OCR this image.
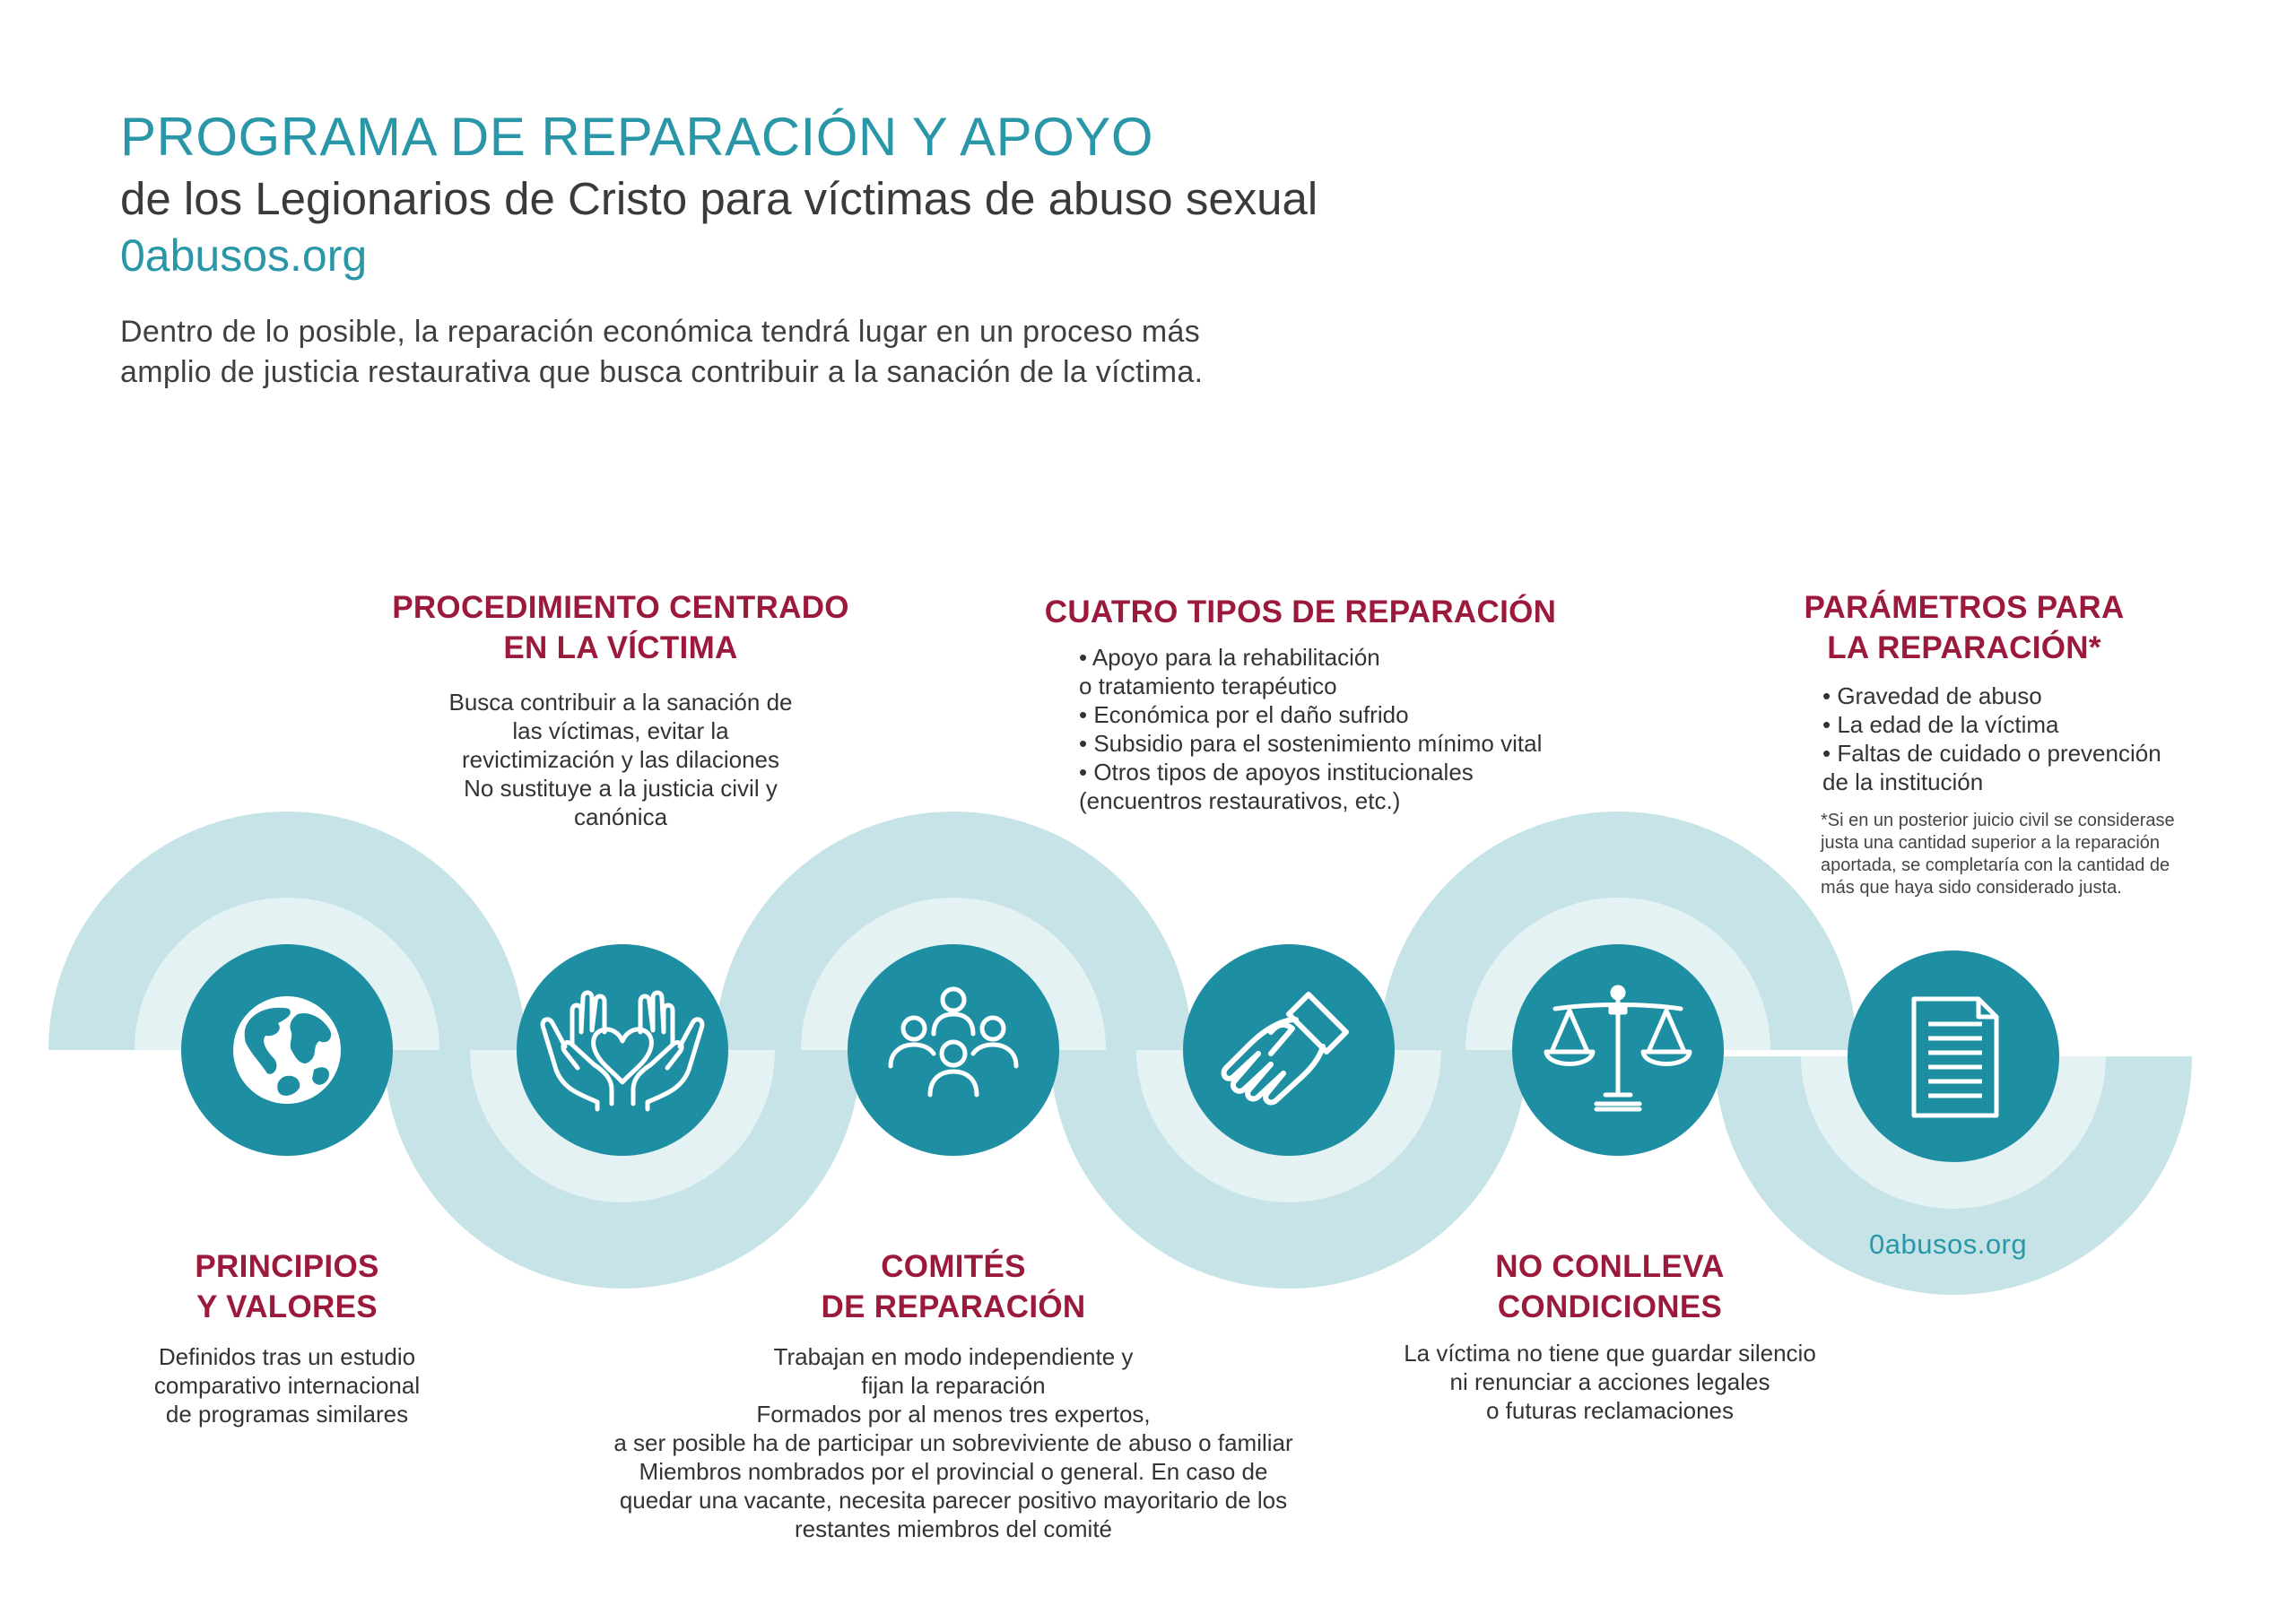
PROGRAMA DE REPARACIÓN Y APOYO
de los Legionarios de Cristo para víctimas de abuso sexual
0abusos.org
Dentro de lo posible, la reparación económica tendrá lugar en un proceso más
amplio de justicia restaurativa que busca contribuir a la sanación de la víctima.
PROCEDIMIENTO CENTRADO
EN LA VÍCTIMA
Busca contribuir a la sanación de
las víctimas, evitar la
revictimización y las dilaciones
No sustituye a la justicia civil y
canónica
CUATRO TIPOS DE REPARACIÓN
• Apoyo para la rehabilitación
o tratamiento terapéutico
• Económica por el daño sufrido
• Subsidio para el sostenimiento mínimo vital
• Otros tipos de apoyos institucionales
(encuentros restaurativos, etc.)
PARÁMETROS PARA
LA REPARACIÓN*
• Gravedad de abuso
• La edad de la víctima
• Faltas de cuidado o prevención
de la institución
*Si en un posterior juicio civil se considerase
justa una cantidad superior a la reparación
aportada, se completaría con la cantidad de
más que haya sido considerado justa.
PRINCIPIOS
Y VALORES
Definidos tras un estudio
comparativo internacional
de programas similares
COMITÉS
DE REPARACIÓN
Trabajan en modo independiente y
fijan la reparación
Formados por al menos tres expertos,
a ser posible ha de participar un sobreviviente de abuso o familiar
Miembros nombrados por el provincial o general. En caso de
quedar una vacante, necesita parecer positivo mayoritario de los
restantes miembros del comité
NO CONLLEVA
CONDICIONES
La víctima no tiene que guardar silencio
ni renunciar a acciones legales
o futuras reclamaciones
0abusos.org
